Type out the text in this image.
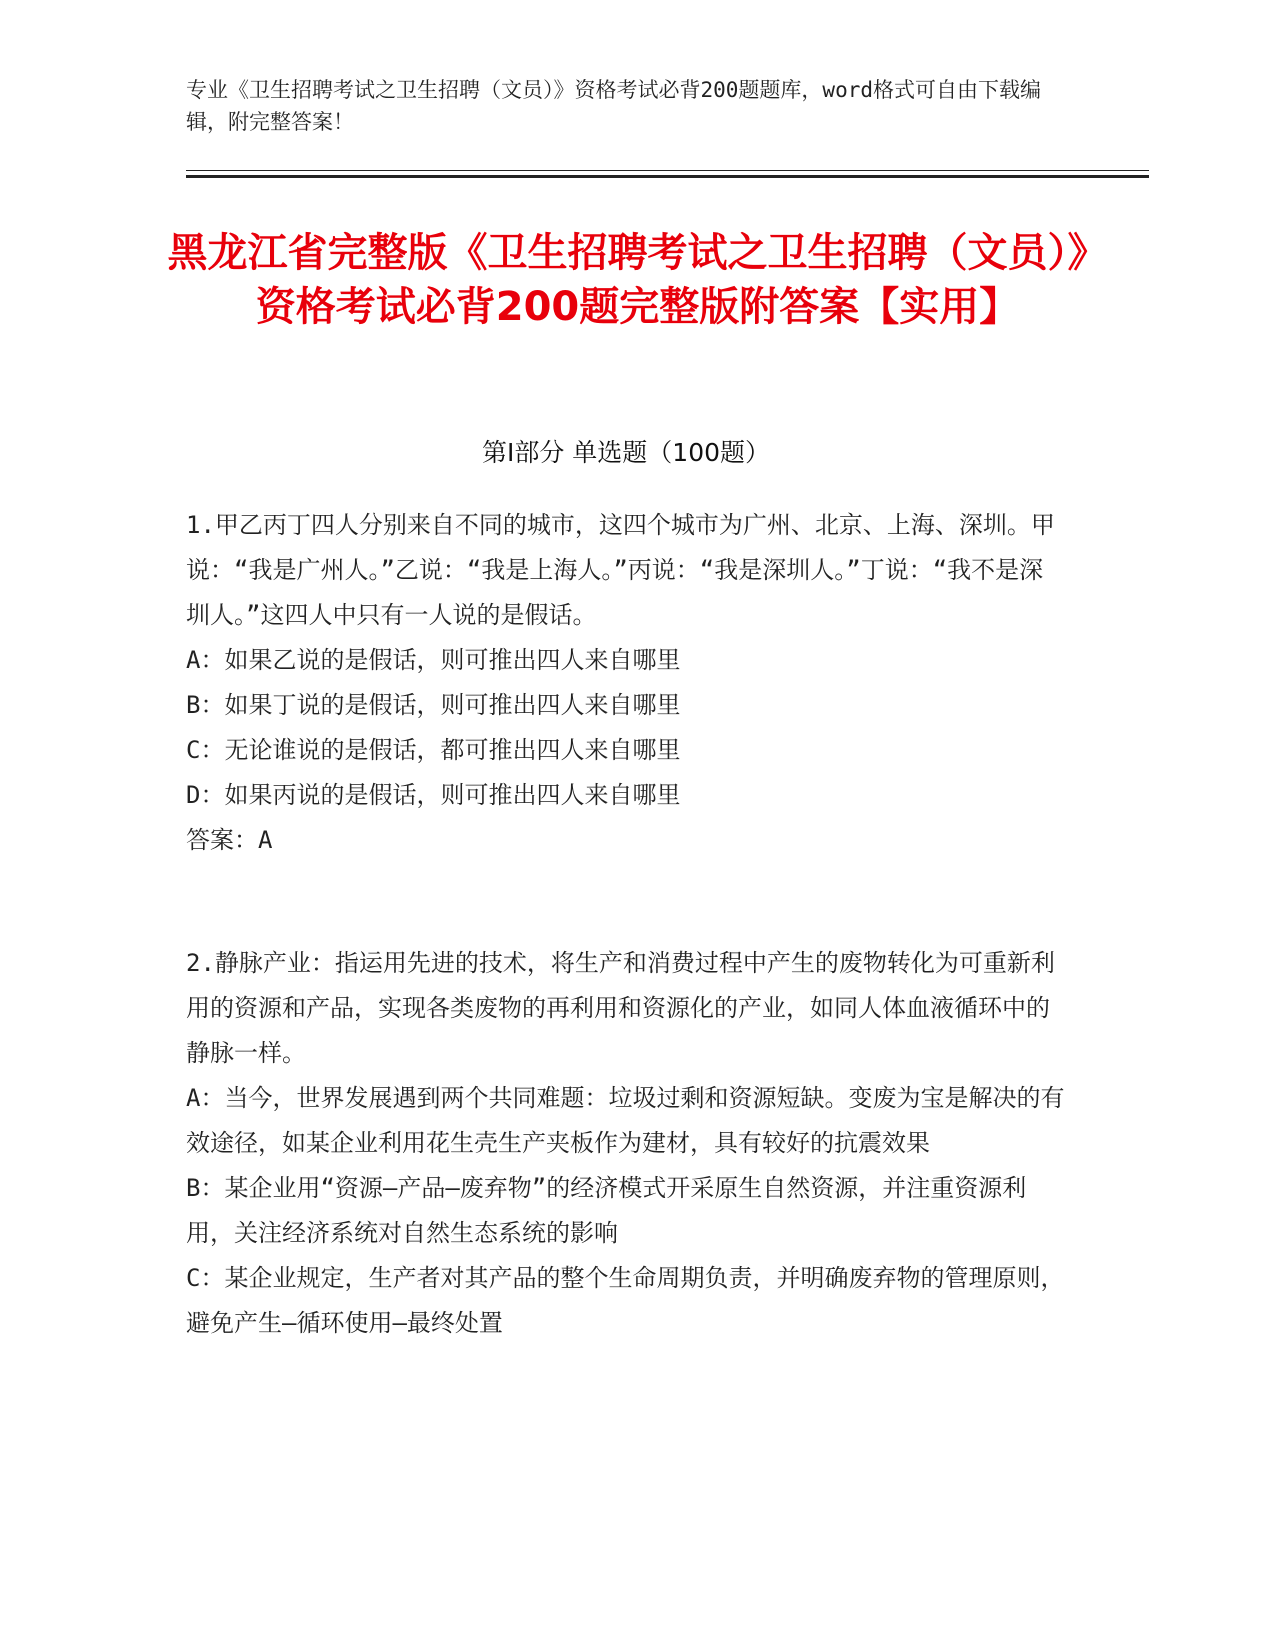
专业《卫生招聘考试之卫生招聘（文员）》资格考试必背200题题库，word格式可自由下载编辑，附完整答案！
黑龙江省完整版《卫生招聘考试之卫生招聘（文员）》资格考试必背200题完整版附答案【实用】
第Ⅰ部分 单选题（100题）

1.甲乙丙丁四人分别来自不同的城市，这四个城市为广州、北京、上海、深圳。甲说：“我是广州人。”乙说：“我是上海人。”丙说：“我是深圳人。”丁说：“我不是深圳人。”这四人中只有一人说的是假话。

A：如果乙说的是假话，则可推出四人来自哪里

B：如果丁说的是假话，则可推出四人来自哪里

C：无论谁说的是假话，都可推出四人来自哪里

D：如果丙说的是假话，则可推出四人来自哪里

答案：A

2.静脉产业：指运用先进的技术，将生产和消费过程中产生的废物转化为可重新利用的资源和产品，实现各类废物的再利用和资源化的产业，如同人体血液循环中的静脉一样。

A：当今，世界发展遇到两个共同难题：垃圾过剩和资源短缺。变废为宝是解决的有效途径，如某企业利用花生壳生产夹板作为建材，具有较好的抗震效果

B：某企业用“资源—产品—废弃物”的经济模式开采原生自然资源，并注重资源利用，关注经济系统对自然生态系统的影响

C：某企业规定，生产者对其产品的整个生命周期负责，并明确废弃物的管理原则，避免产生—循环使用—最终处置
